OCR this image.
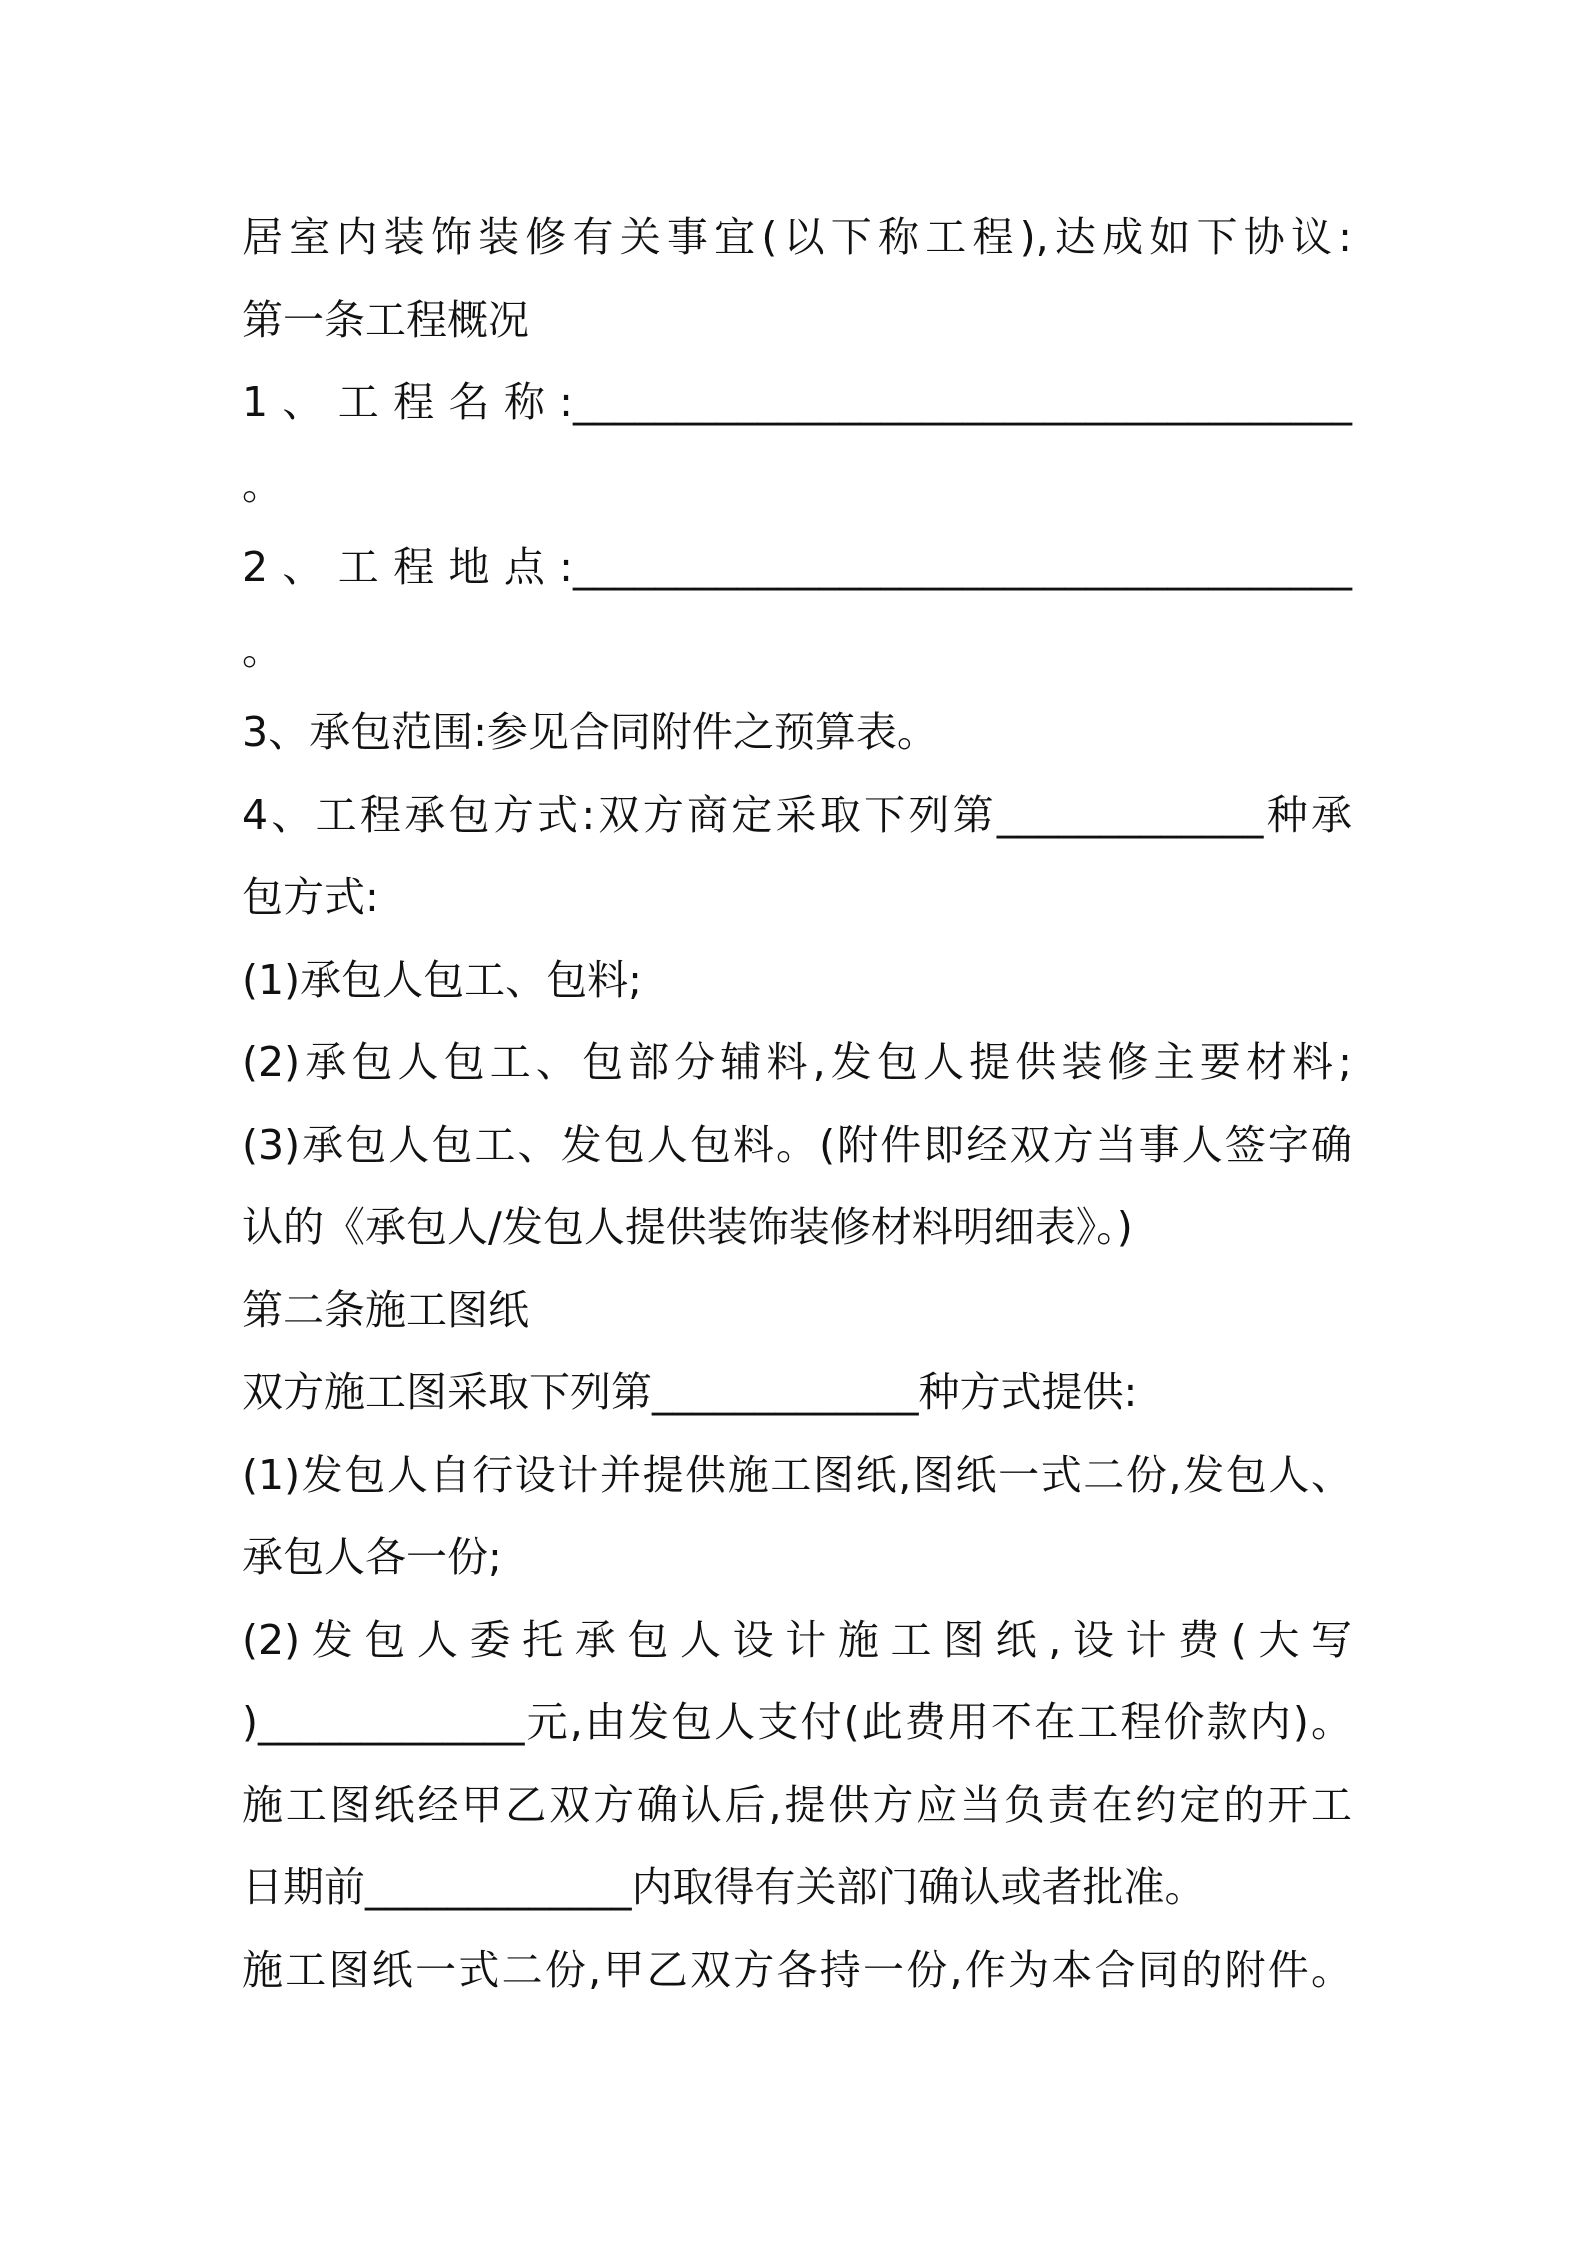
居室内装饰装修有关事宜(以下称工程),达成如下协议:
第一条工程概况
1、工程名称:______________________________________
。
2、工程地点:______________________________________
。
3、承包范围:参见合同附件之预算表。
4、工程承包方式:双方商定采取下列第_____________种承
包方式:
(1)承包人包工、包料;
(2)承包人包工、包部分辅料,发包人提供装修主要材料;
(3)承包人包工、发包人包料。(附件即经双方当事人签字确
认的《承包人/发包人提供装饰装修材料明细表》。)
第二条施工图纸
双方施工图采取下列第_____________种方式提供:
(1)发包人自行设计并提供施工图纸,图纸一式二份,发包人、
承包人各一份;
(2)发包人委托承包人设计施工图纸,设计费(大写
)_____________元,由发包人支付(此费用不在工程价款内)。
施工图纸经甲乙双方确认后,提供方应当负责在约定的开工
日期前_____________内取得有关部门确认或者批准。
施工图纸一式二份,甲乙双方各持一份,作为本合同的附件。
